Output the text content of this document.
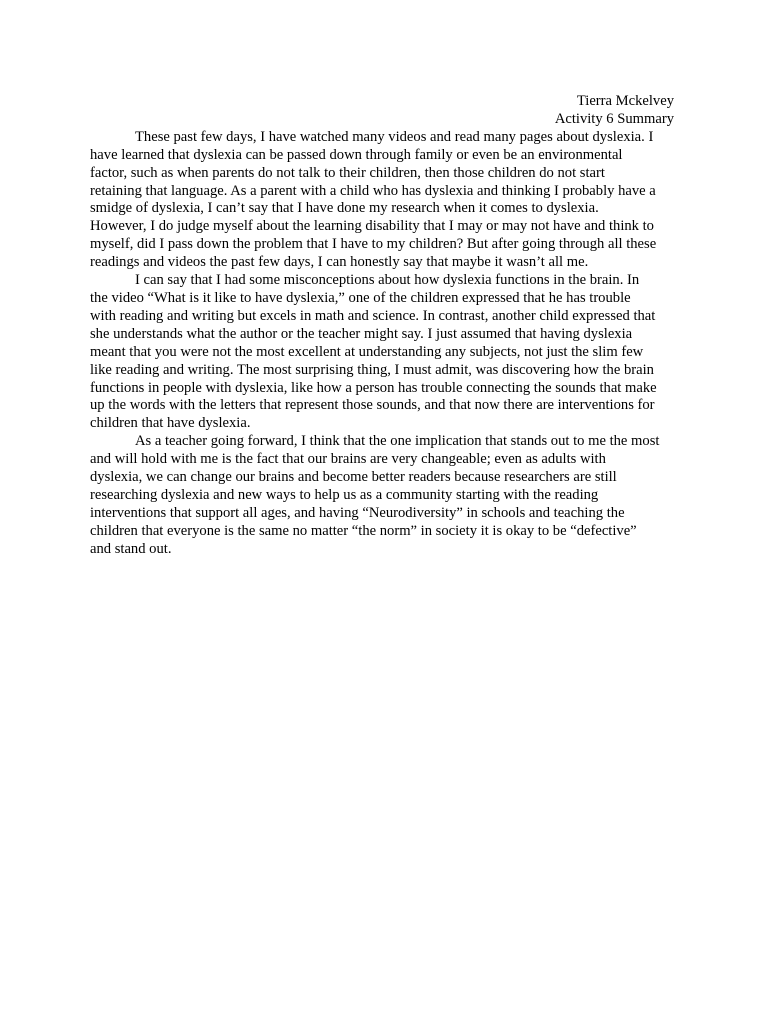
Tierra Mckelvey
Activity 6 Summary
These past few days, I have watched many videos and read many pages about dyslexia. I
have learned that dyslexia can be passed down through family or even be an environmental
factor, such as when parents do not talk to their children, then those children do not start
retaining that language. As a parent with a child who has dyslexia and thinking I probably have a
smidge of dyslexia, I can’t say that I have done my research when it comes to dyslexia.
However, I do judge myself about the learning disability that I may or may not have and think to
myself, did I pass down the problem that I have to my children? But after going through all these
readings and videos the past few days, I can honestly say that maybe it wasn’t all me.
I can say that I had some misconceptions about how dyslexia functions in the brain. In
the video “What is it like to have dyslexia,” one of the children expressed that he has trouble
with reading and writing but excels in math and science. In contrast, another child expressed that
she understands what the author or the teacher might say. I just assumed that having dyslexia
meant that you were not the most excellent at understanding any subjects, not just the slim few
like reading and writing. The most surprising thing, I must admit, was discovering how the brain
functions in people with dyslexia, like how a person has trouble connecting the sounds that make
up the words with the letters that represent those sounds, and that now there are interventions for
children that have dyslexia.
As a teacher going forward, I think that the one implication that stands out to me the most
and will hold with me is the fact that our brains are very changeable; even as adults with
dyslexia, we can change our brains and become better readers because researchers are still
researching dyslexia and new ways to help us as a community starting with the reading
interventions that support all ages, and having “Neurodiversity” in schools and teaching the
children that everyone is the same no matter “the norm” in society it is okay to be “defective”
and stand out.
